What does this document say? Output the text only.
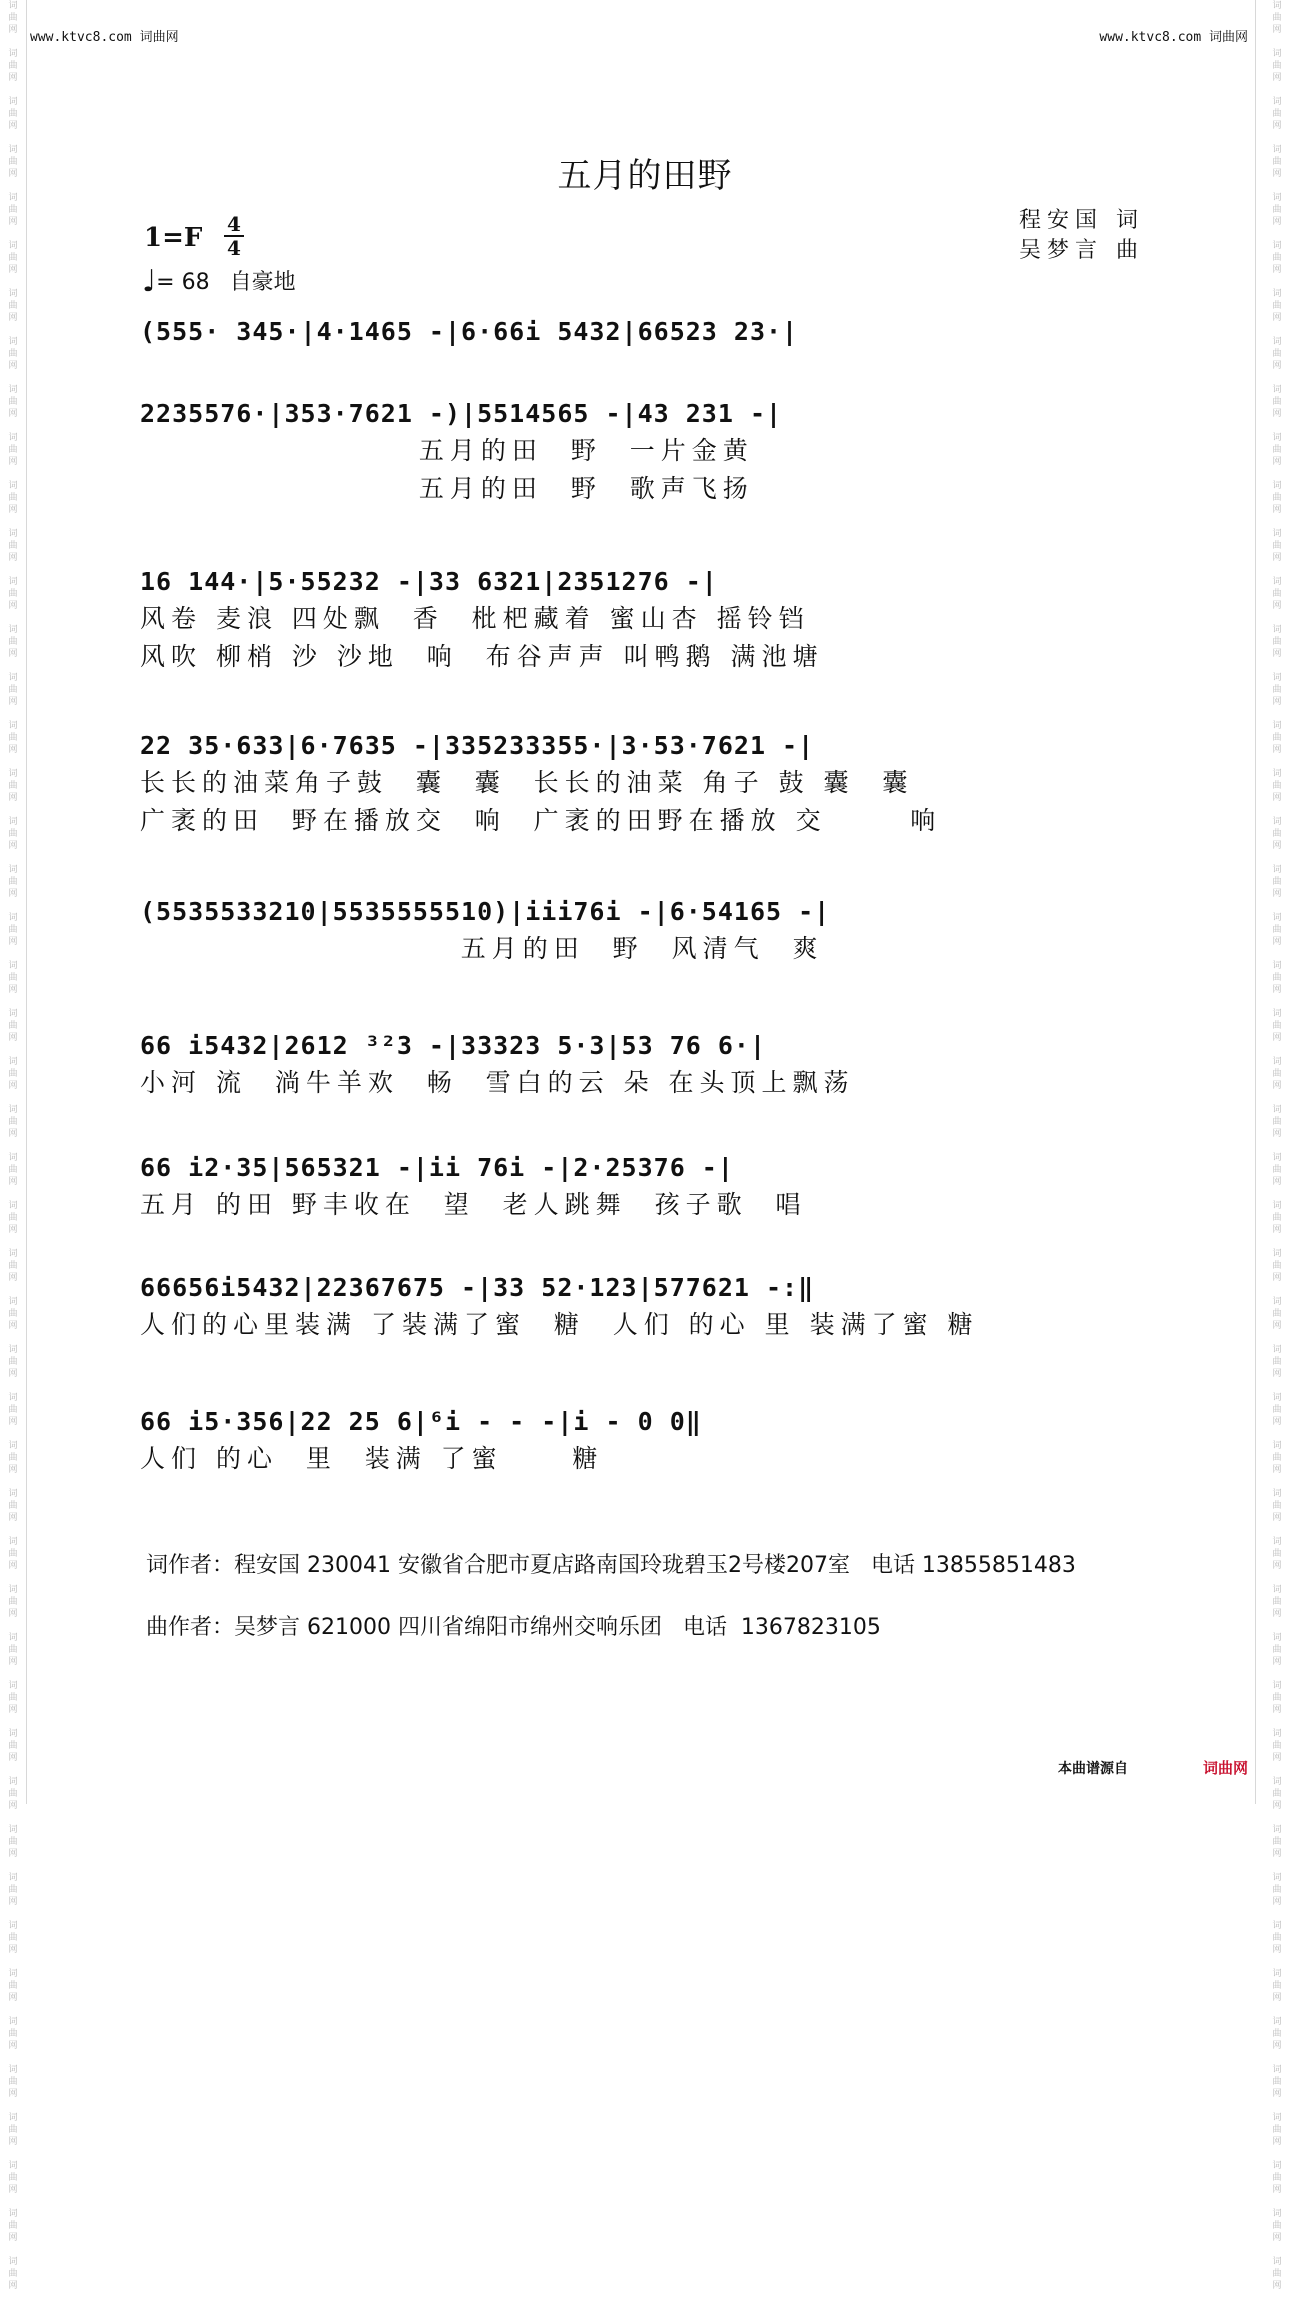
词
曲
网

词
曲
网

词
曲
网

词
曲
网

词
曲
网

词
曲
网

词
曲
网

词
曲
网

词
曲
网

词
曲
网

词
曲
网

词
曲
网

词
曲
网

词
曲
网

词
曲
网

词
曲
网

词
曲
网

词
曲
网

词
曲
网

词
曲
网

词
曲
网

词
曲
网

词
曲
网

词
曲
网

词
曲
网

词
曲
网

词
曲
网

词
曲
网

词
曲
网

词
曲
网

词
曲
网

词
曲
网

词
曲
网

词
曲
网

词
曲
网

词
曲
网

词
曲
网

词
曲
网

词
曲
网

词
曲
网

词
曲
网

词
曲
网

词
曲
网

词
曲
网

词
曲
网

词
曲
网

词
曲
网

词
曲
网

词
曲
网

词
曲
网

词
曲
网

词
曲
网

词
曲
网

词
曲
网

词
曲
网

词
曲
网

词
曲
网

词
曲
网

词
曲
网

词
曲
网

词
曲
网

词
曲
网

词
曲
网

词
曲
网

词
曲
网

词
曲
网

词
曲
网

词
曲
网

词
曲
网

词
曲
网

词
曲
网

词
曲
网

词
曲
网

词
曲
网

词
曲
网

词
曲
网

词
曲
网

词
曲
网

词
曲
网

词
曲
网

词
曲
网

词
曲
网

词
曲
网

词
曲
网

词
曲
网

词
曲
网

词
曲
网

词
曲
网

词
曲
网

词
曲
网

词
曲
网

词
曲
网

词
曲
网

词
曲
网

词
曲
网

词
曲
网

www.ktvc8.com 词曲网	www.ktvc8.com 词曲网
五月的田野
程安国 词
吴梦言 曲
1=F 4
4
♩= 68 自豪地
(555· 345·|4·1465 -|6·66i 5432|66523 23·|
2235576·|353·7621 -)|5514565 -|43 231 -|
五月的田  野  一片金黄
五月的田  野  歌声飞扬
16 144·|5·55232 -|33 6321|2351276 -|
风卷 麦浪 四处飘  香  枇杷藏着 蜜山杏 摇铃铛
风吹 柳梢 沙 沙地  响  布谷声声 叫鸭鹅 满池塘
22 35·633|6·7635 -|335233355·|3·53·7621 -|
长长的油菜角子鼓  囊  囊  长长的油菜 角子 鼓 囊  囊
广袤的田  野在播放交  响  广袤的田野在播放 交      响
(5535533210|5535555510)|iii76i -|6·54165 -|
五月的田  野  风清气  爽
66 i5432|2612 ³²3 -|33323 5·3|53 76 6·|
小河 流  淌牛羊欢  畅  雪白的云 朵 在头顶上飘荡
66 i2·35|565321 -|ii 76i -|2·25376 -|
五月 的田 野丰收在  望  老人跳舞  孩子歌  唱
66656i5432|22367675 -|33 52·123|577621 -:‖
人们的心里装满 了装满了蜜  糖  人们 的心 里 装满了蜜 糖
66 i5·356|22 25 6|⁶i - - -|i - 0 0‖
人们 的心  里  装满 了蜜     糖
词作者：程安国 230041 安徽省合肥市夏店路南国玲珑碧玉2号楼207室   电话 13855851483
曲作者：吴梦言 621000 四川省绵阳市绵州交响乐团   电话  1367823105
本曲谱源自	词曲网
